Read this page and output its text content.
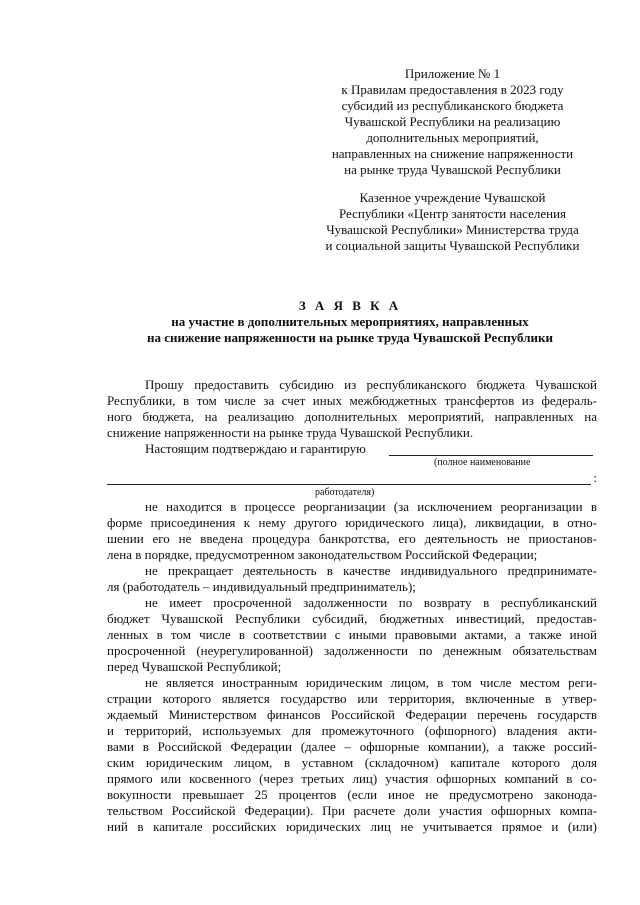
Приложение № 1
к Правилам предоставления в 2023 году
субсидий из республиканского бюджета
Чувашской Республики на реализацию
дополнительных мероприятий,
направленных на снижение напряженности
на рынке труда Чувашской Республики
Казенное учреждение Чувашской
Республики «Центр занятости населения
Чувашской Республики» Министерства труда
и социальной защиты Чувашской Республики
З А Я В К А
на участие в дополнительных мероприятиях, направленных
на снижение напряженности на рынке труда Чувашской Республики
Прошу предоставить субсидию из республиканского бюджета Чувашской
Республики, в том числе за счет иных межбюджетных трансфертов из федераль-
ного бюджета, на реализацию дополнительных мероприятий, направленных на
снижение напряженности на рынке труда Чувашской Республики.
Настоящим подтверждаю и гарантирую
(полное наименование
:
работодателя)
не находится в процессе реорганизации (за исключением реорганизации в
форме присоединения к нему другого юридического лица), ликвидации, в отно-
шении его не введена процедура банкротства, его деятельность не приостанов-
лена в порядке, предусмотренном законодательством Российской Федерации;
не прекращает деятельность в качестве индивидуального предпринимате-
ля (работодатель – индивидуальный предприниматель);
не имеет просроченной задолженности по возврату в республиканский
бюджет Чувашской Республики субсидий, бюджетных инвестиций, предостав-
ленных в том числе в соответствии с иными правовыми актами, а также иной
просроченной (неурегулированной) задолженности по денежным обязательствам
перед Чувашской Республикой;
не является иностранным юридическим лицом, в том числе местом реги-
страции которого является государство или территория, включенные в утвер-
ждаемый Министерством финансов Российской Федерации перечень государств
и территорий, используемых для промежуточного (офшорного) владения акти-
вами в Российской Федерации (далее – офшорные компании), а также россий-
ским юридическим лицом, в уставном (складочном) капитале которого доля
прямого или косвенного (через третьих лиц) участия офшорных компаний в со-
вокупности превышает 25 процентов (если иное не предусмотрено законода-
тельством Российской Федерации). При расчете доли участия офшорных компа-
ний в капитале российских юридических лиц не учитывается прямое и (или)
